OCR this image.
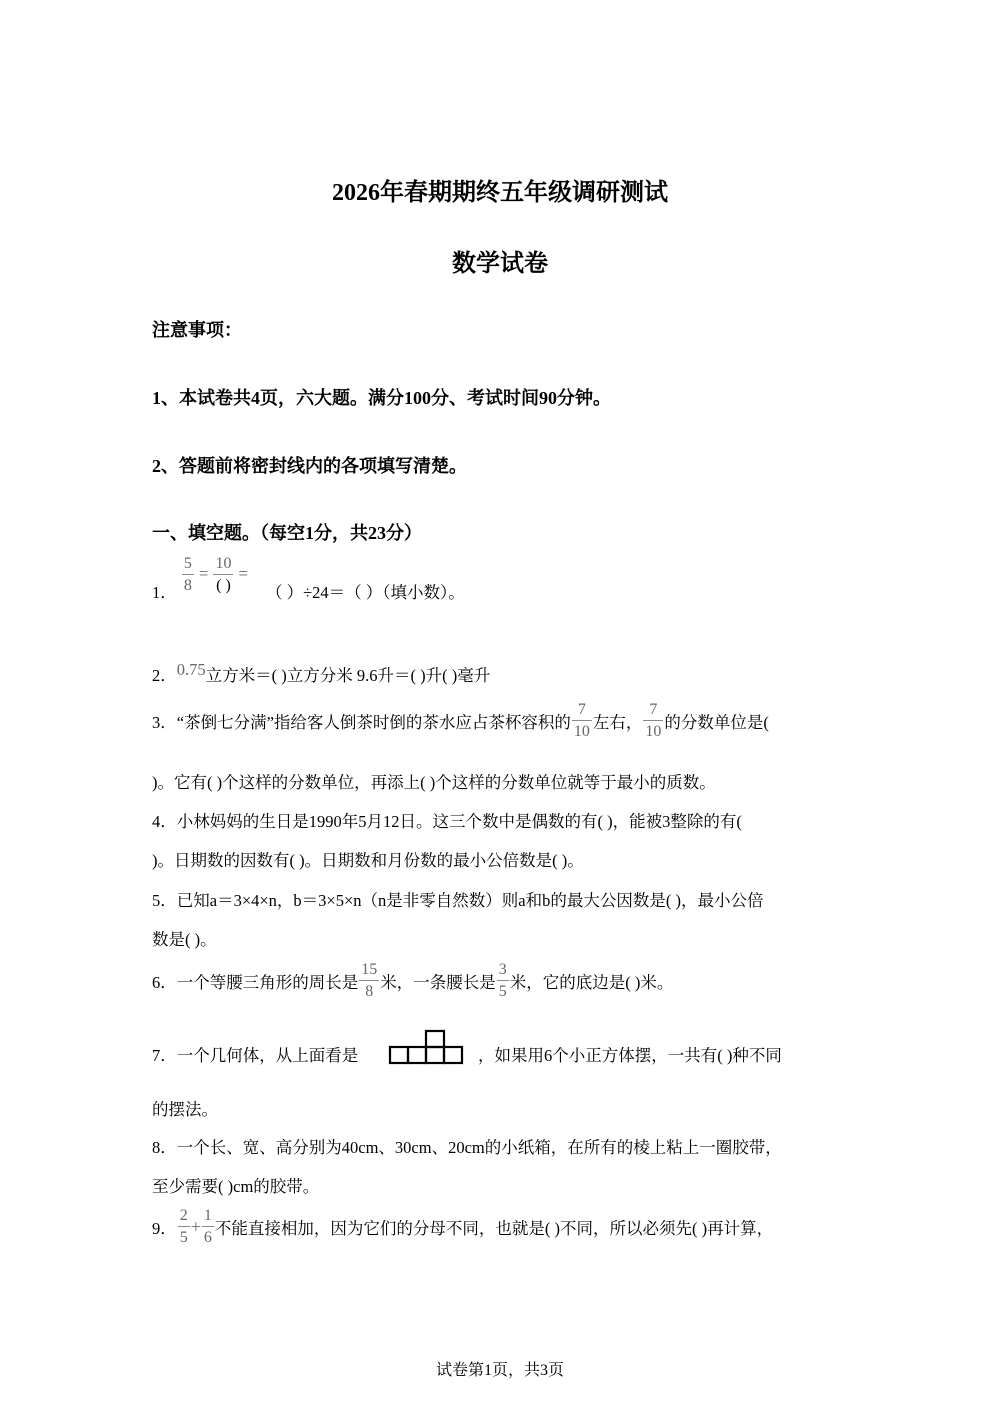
2026年春期期终五年级调研测试
数学试卷
注意事项：
1、本试卷共4页，六大题。满分100分、考试时间90分钟。
2、答题前将密封线内的各项填写清楚。
一、填空题。（每空1分，共23分）
1． $\frac{5}{8} = \frac{10}{( )}$ = （ ）÷24＝（ ）（填小数）。
2．0.75立方米＝( )立方分米 9.6升＝( )升( )毫升
3．“茶倒七分满”指给客人倒茶时倒的茶水应占茶杯容积的 $\frac{7}{10}$ 左右， $\frac{7}{10}$ 的分数单位是(
)。它有( )个这样的分数单位，再添上( )个这样的分数单位就等于最小的质数。
4．小林妈妈的生日是1990年5月12日。这三个数中是偶数的有( )，能被3整除的有(
)。日期数的因数有( )。日期数和月份数的最小公倍数是( )。
5．已知a＝3×4×n，b＝3×5×n（n是非零自然数）则a和b的最大公因数是( )，最小公倍
数是( )。
6．一个等腰三角形的周长是 $\frac{15}{8}$ 米，一条腰长是 $\frac{3}{5}$ 米，它的底边是( )米。
7．一个几何体，从上面看是	，如果用6个小正方体摆，一共有( )种不同
的摆法。
8．一个长、宽、高分别为40cm、30cm、20cm的小纸箱，在所有的棱上粘上一圈胶带，
至少需要( )cm的胶带。
9． $\frac{2}{5} + \frac{1}{6}$ 不能直接相加，因为它们的分母不同，也就是( )不同，所以必须先( )再计算，
试卷第1页，共3页
